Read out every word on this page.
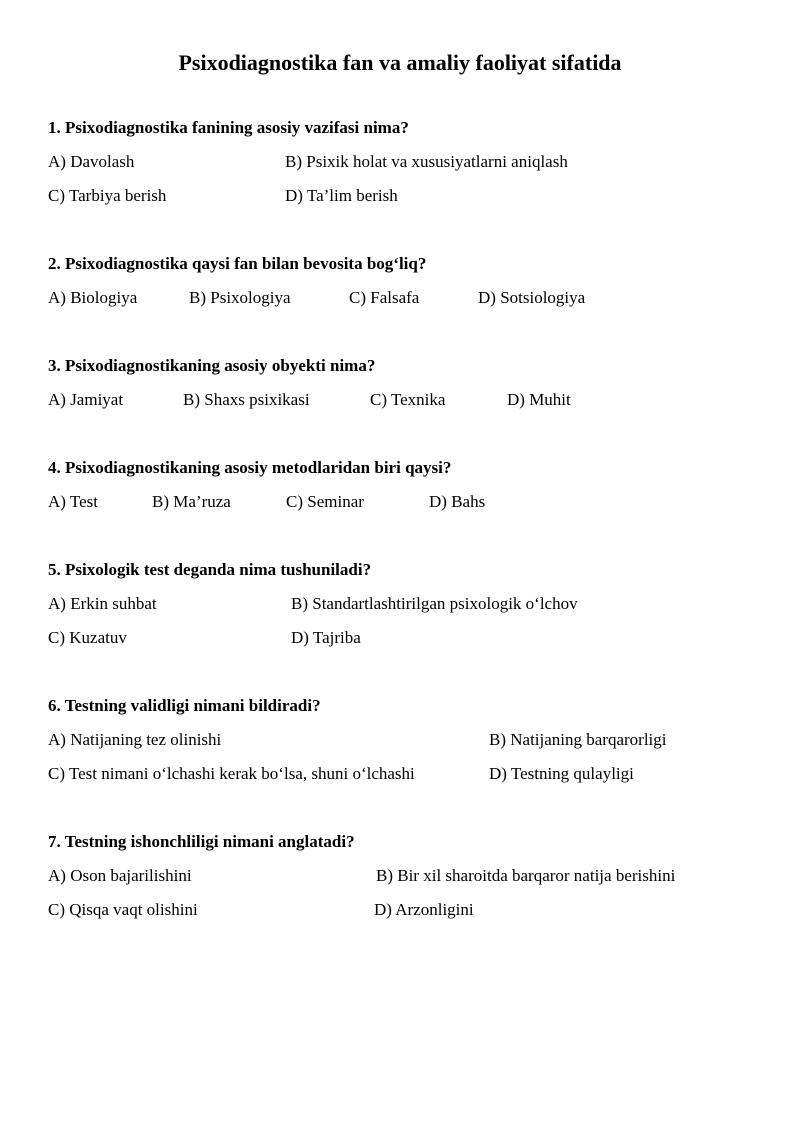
Psixodiagnostika fan va amaliy faoliyat sifatida
1. Psixodiagnostika fanining asosiy vazifasi nima?
A) Davolash	B) Psixik holat va xususiyatlarni aniqlash
C) Tarbiya berish	D) Ta’lim berish
2. Psixodiagnostika qaysi fan bilan bevosita bog‘liq?
A) Biologiya	B) Psixologiya	C) Falsafa	D) Sotsiologiya
3. Psixodiagnostikaning asosiy obyekti nima?
A) Jamiyat	B) Shaxs psixikasi	C) Texnika	D) Muhit
4. Psixodiagnostikaning asosiy metodlaridan biri qaysi?
A) Test	B) Ma’ruza	C) Seminar	D) Bahs
5. Psixologik test deganda nima tushuniladi?
A) Erkin suhbat	B) Standartlashtirilgan psixologik o‘lchov
C) Kuzatuv	D) Tajriba
6. Testning validligi nimani bildiradi?
A) Natijaning tez olinishi	B) Natijaning barqarorligi
C) Test nimani o‘lchashi kerak bo‘lsa, shuni o‘lchashi	D) Testning qulayligi
7. Testning ishonchliligi nimani anglatadi?
A) Oson bajarilishini	B) Bir xil sharoitda barqaror natija berishini
C) Qisqa vaqt olishini	D) Arzonligini
